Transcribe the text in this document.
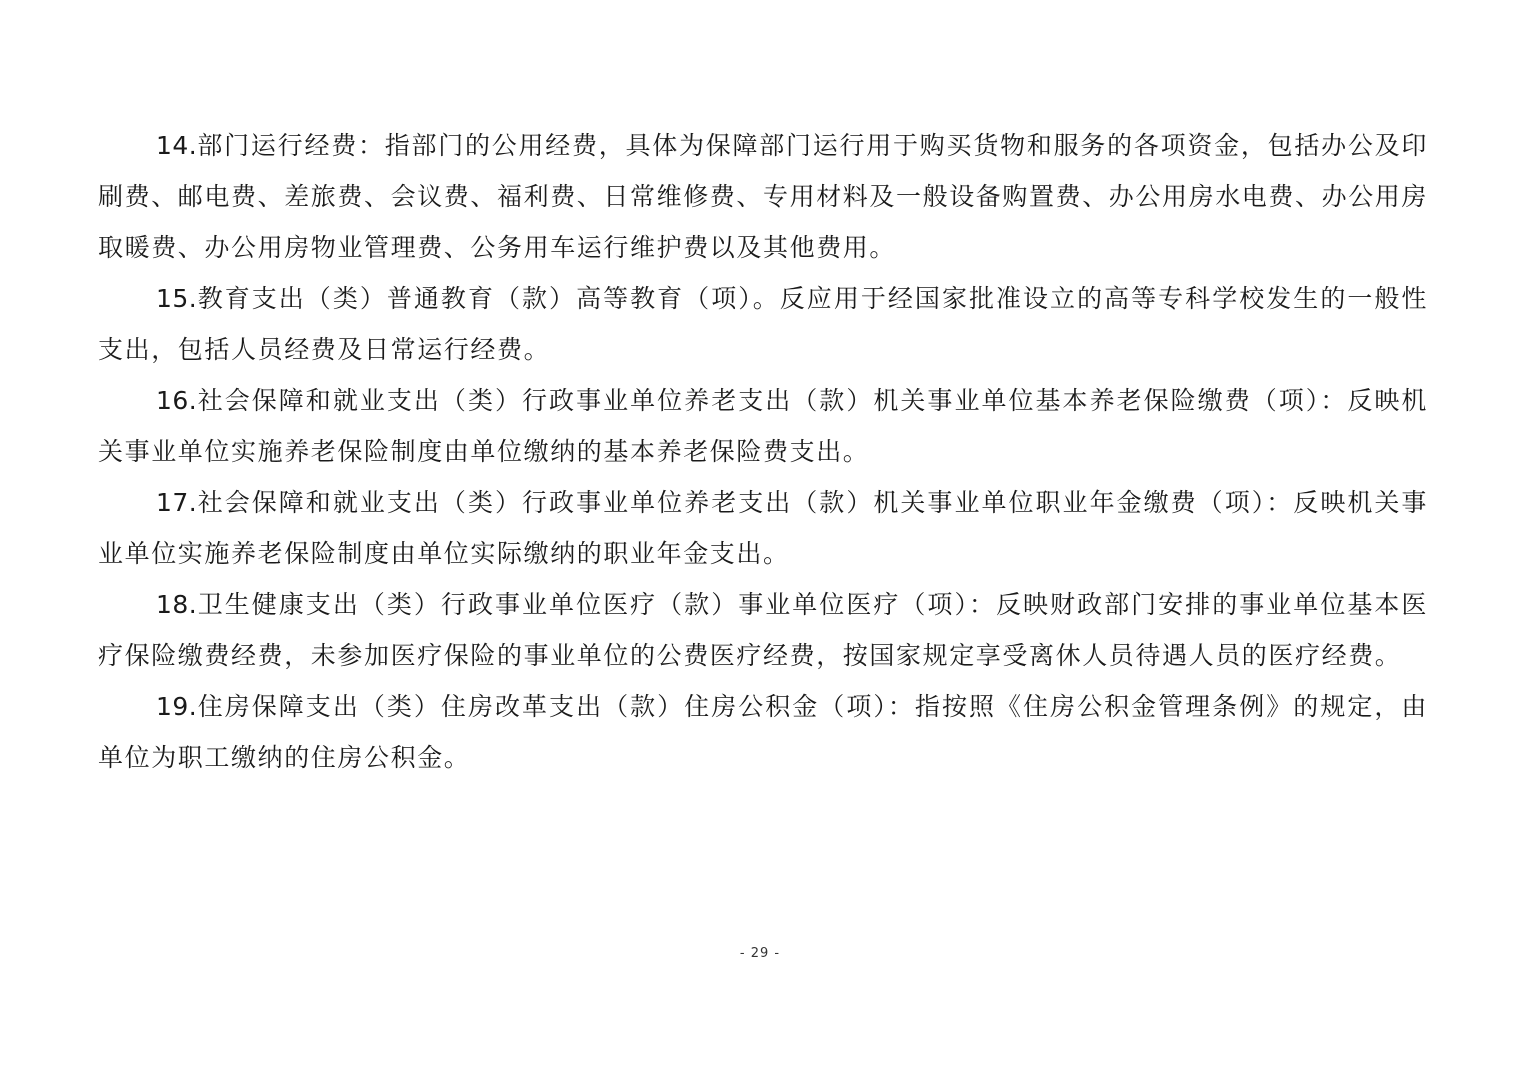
14.部门运行经费：指部门的公用经费，具体为保障部门运行用于购买货物和服务的各项资金，包括办公及印刷费、邮电费、差旅费、会议费、福利费、日常维修费、专用材料及一般设备购置费、办公用房水电费、办公用房取暖费、办公用房物业管理费、公务用车运行维护费以及其他费用。

15.教育支出（类）普通教育（款）高等教育（项）。反应用于经国家批准设立的高等专科学校发生的一般性支出，包括人员经费及日常运行经费。

16.社会保障和就业支出（类）行政事业单位养老支出（款）机关事业单位基本养老保险缴费（项）：反映机关事业单位实施养老保险制度由单位缴纳的基本养老保险费支出。

17.社会保障和就业支出（类）行政事业单位养老支出（款）机关事业单位职业年金缴费（项）：反映机关事业单位实施养老保险制度由单位实际缴纳的职业年金支出。

18.卫生健康支出（类）行政事业单位医疗（款）事业单位医疗（项）：反映财政部门安排的事业单位基本医疗保险缴费经费，未参加医疗保险的事业单位的公费医疗经费，按国家规定享受离休人员待遇人员的医疗经费。

19.住房保障支出（类）住房改革支出（款）住房公积金（项）：指按照《住房公积金管理条例》的规定，由单位为职工缴纳的住房公积金。

- 29 -
